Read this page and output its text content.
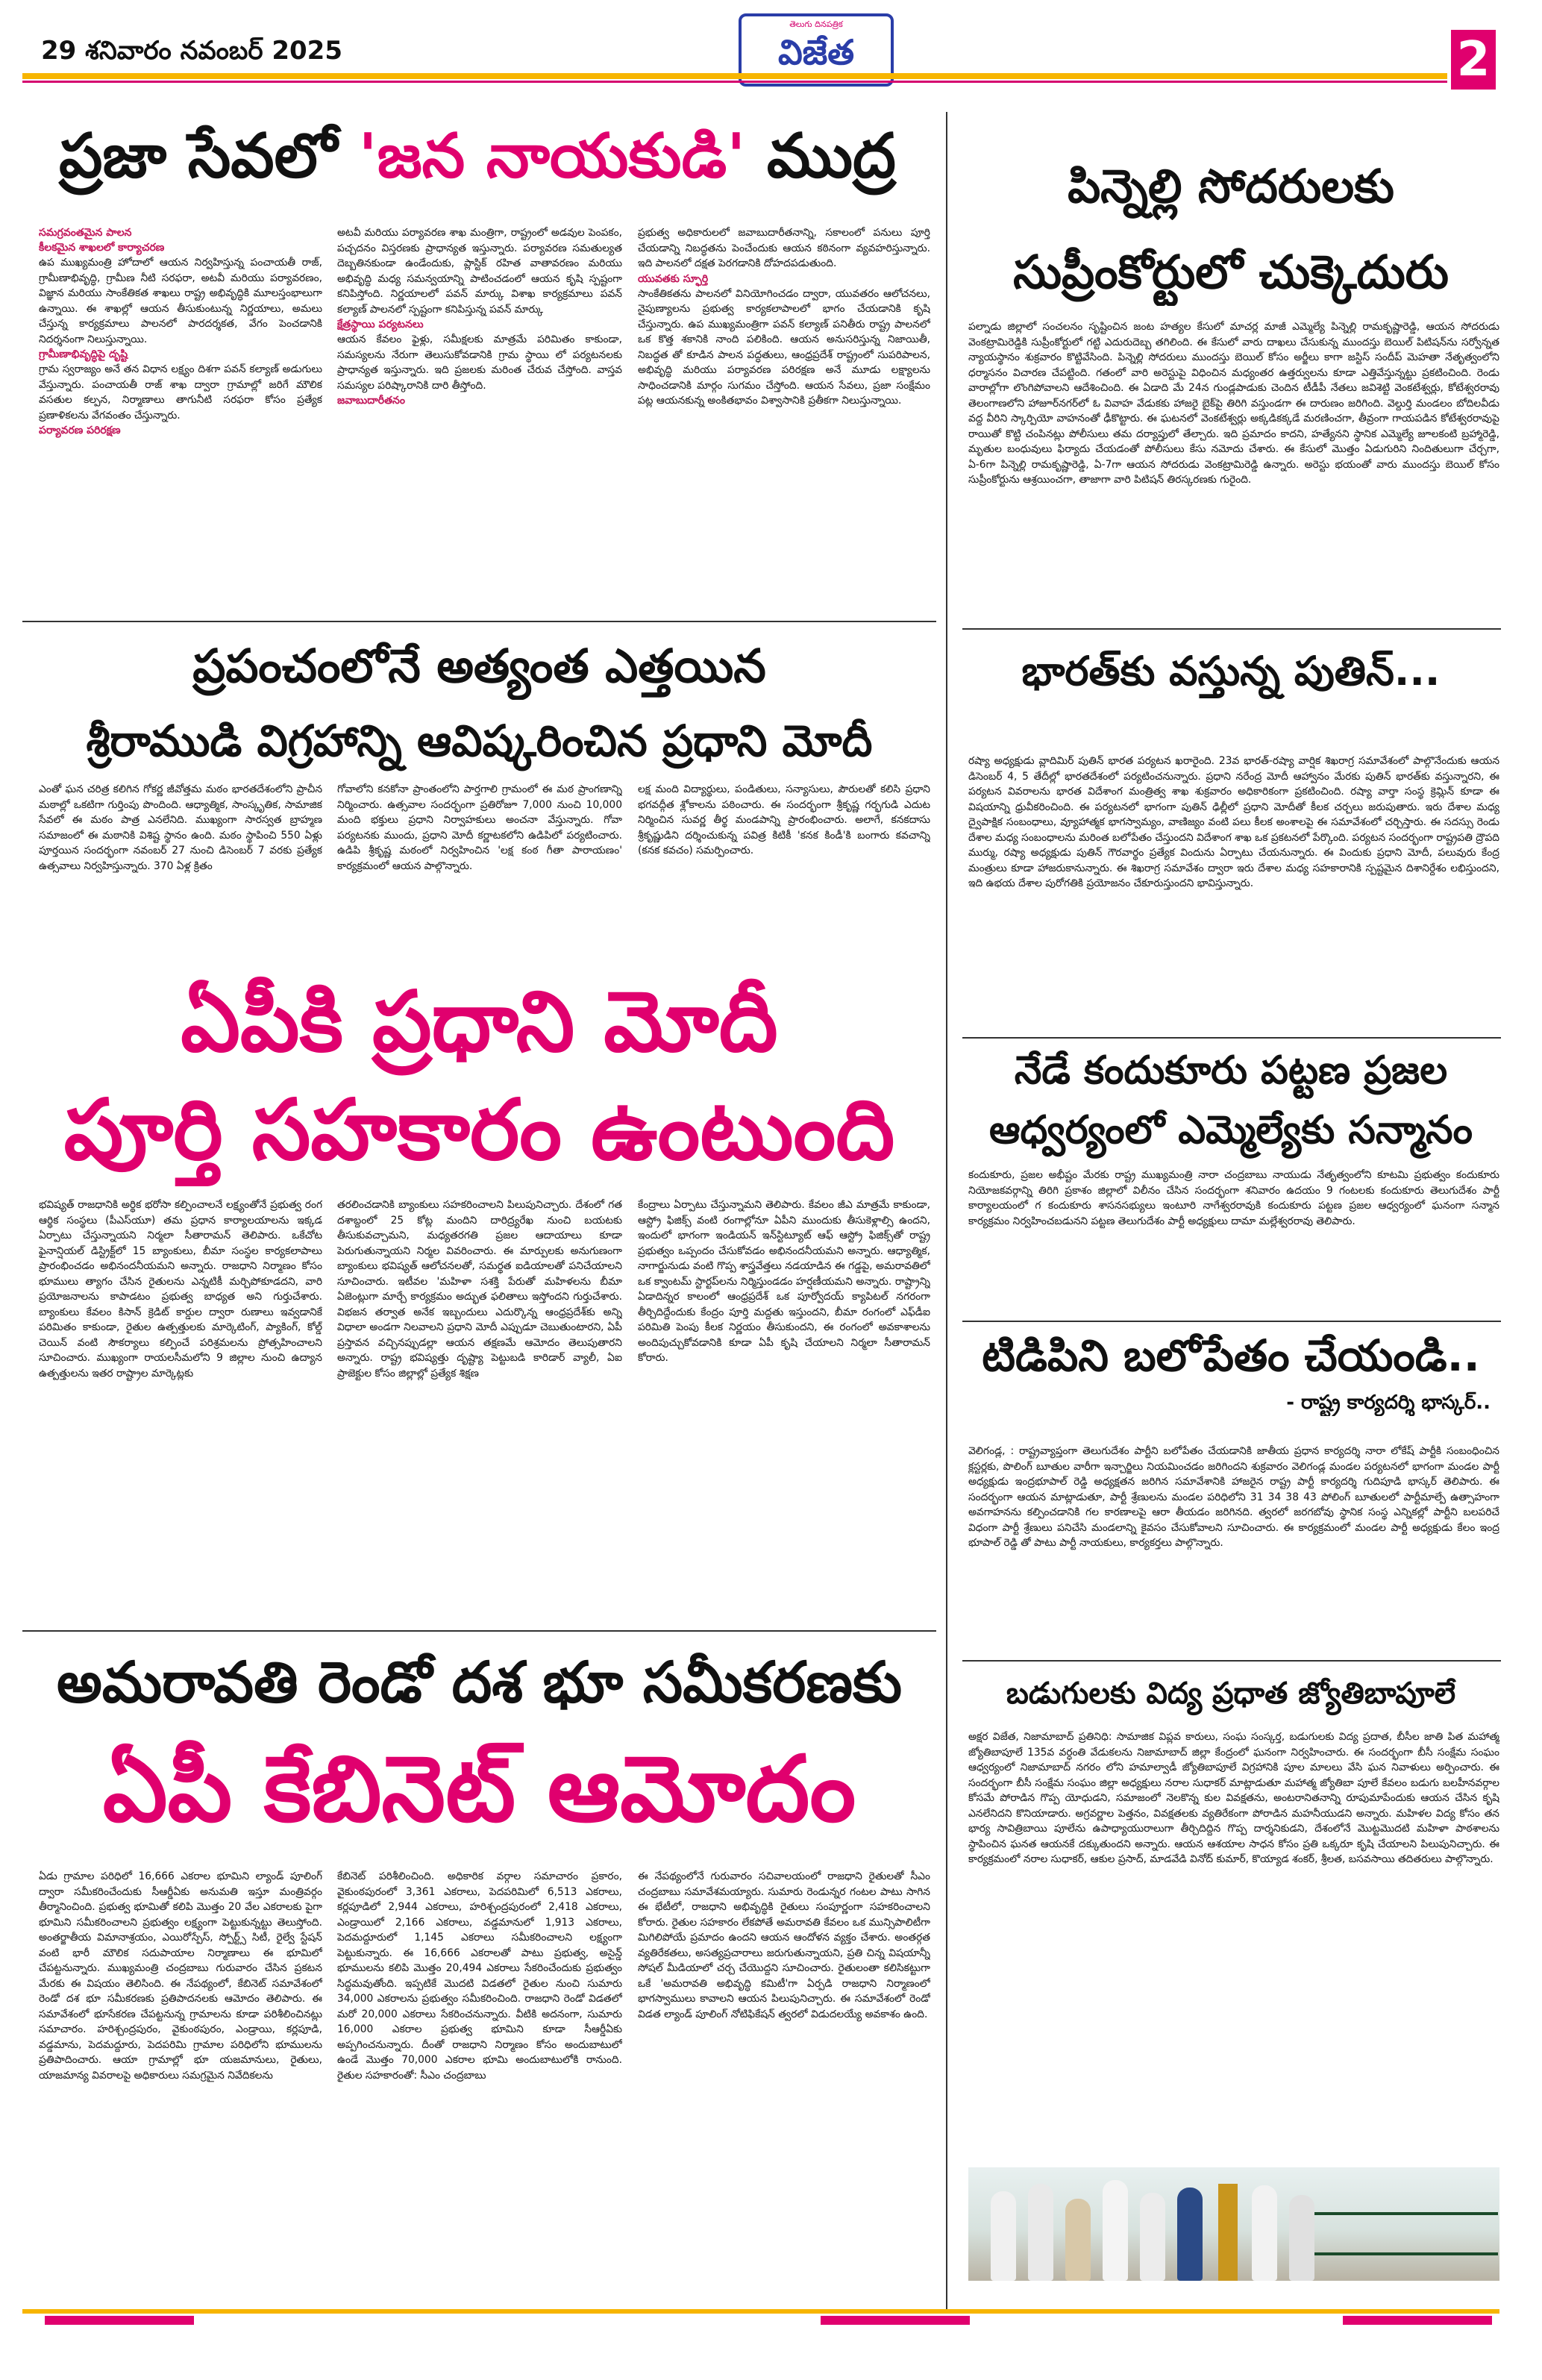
29 శనివారం నవంబర్ 2025
తెలుగు దినపత్రిక
విజేత	2
ప్రజా సేవలో 'జన నాయకుడి' ముద్ర
సమగ్రవంతమైన పాలన
కీలకమైన శాఖలలో కార్యాచరణ
ఉప ముఖ్యమంత్రి హోదాలో ఆయన నిర్వహిస్తున్న పంచాయతీ రాజ్, గ్రామీణాభివృద్ధి, గ్రామీణ నీటి సరఫరా, అటవీ మరియు పర్యావరణం, విజ్ఞాన మరియు సాంకేతికత శాఖలు రాష్ట్ర అభివృద్ధికి మూలస్తంభాలుగా ఉన్నాయి. ఈ శాఖల్లో ఆయన తీసుకుంటున్న నిర్ణయాలు, అమలు చేస్తున్న కార్యక్రమాలు పాలనలో పారదర్శకత, వేగం పెంచడానికి నిదర్శనంగా నిలుస్తున్నాయి.
గ్రామీణాభివృద్ధిపై దృష్టి
గ్రామ స్వరాజ్యం అనే తన విధాన లక్ష్యం దిశగా పవన్ కల్యాణ్ అడుగులు వేస్తున్నారు. పంచాయతీ రాజ్ శాఖ ద్వారా గ్రామాల్లో జరిగే మౌలిక వసతుల కల్పన, నిర్మాణాలు తాగునీటి సరఫరా కోసం ప్రత్యేక ప్రణాళికలను వేగవంతం చేస్తున్నారు.
పర్యావరణ పరిరక్షణ
అటవీ మరియు పర్యావరణ శాఖ మంత్రిగా, రాష్ట్రంలో అడవుల పెంపకం, పచ్చదనం విస్తరణకు ప్రాధాన్యత ఇస్తున్నారు. పర్యావరణ సమతుల్యత దెబ్బతినకుండా ఉండేందుకు, ప్లాస్టిక్ రహిత వాతావరణం మరియు అభివృద్ధి మధ్య సమన్వయాన్ని పాటించడంలో ఆయన కృషి స్పష్టంగా కనిపిస్తోంది. నిర్ణయాలలో పవన్ మార్కు విశాఖ కార్యక్రమాలు పవన్ కల్యాణ్ పాలనలో స్పష్టంగా కనిపిస్తున్న పవన్ మార్కు
క్షేత్రస్థాయి పర్యటనలు
ఆయన కేవలం ఫైళ్లు, సమీక్షలకు మాత్రమే పరిమితం కాకుండా, సమస్యలను నేరుగా తెలుసుకోవడానికి గ్రామ స్థాయి లో పర్యటనలకు ప్రాధాన్యత ఇస్తున్నారు. ఇది ప్రజలకు మరింత చేరువ చేస్తోంది. వాస్తవ సమస్యల పరిష్కారానికి దారి తీస్తోంది.
జవాబుదారీతనం
ప్రభుత్వ అధికారులలో జవాబుదారీతనాన్ని, సకాలంలో పనులు పూర్తి చేయడాన్ని నిబద్ధతను పెంచేందుకు ఆయన కఠినంగా వ్యవహరిస్తున్నారు. ఇది పాలనలో దక్షత పెరగడానికి దోహదపడుతుంది.
యువతకు స్ఫూర్తి
సాంకేతికతను పాలనలో వినియోగించడం ద్వారా, యువతరం ఆలోచనలు, నైపుణ్యాలను ప్రభుత్వ కార్యకలాపాలలో భాగం చేయడానికి కృషి చేస్తున్నారు. ఉప ముఖ్యమంత్రిగా పవన్ కల్యాణ్ పనితీరు రాష్ట్ర పాలనలో ఒక కొత్త శకానికి నాంది పలికింది. ఆయన అనుసరిస్తున్న నిజాయితీ, నిబద్ధత తో కూడిన పాలన పద్ధతులు, ఆంధ్రప్రదేశ్ రాష్ట్రంలో సుపరిపాలన, అభివృద్ధి మరియు పర్యావరణ పరిరక్షణ అనే మూడు లక్ష్యాలను సాధించడానికి మార్గం సుగమం చేస్తోంది. ఆయన సేవలు, ప్రజా సంక్షేమం పట్ల ఆయనకున్న అంకితభావం విశ్వాసానికి ప్రతీకగా నిలుస్తున్నాయి.
పిన్నెల్లి సోదరులకు
సుప్రీంకోర్టులో చుక్కెదురు
పల్నాడు జిల్లాలో సంచలనం సృష్టించిన జంట హత్యల కేసులో మాచర్ల మాజీ ఎమ్మెల్యే పిన్నెల్లి రామకృష్ణారెడ్డి, ఆయన సోదరుడు వెంకట్రామిరెడ్డికి సుప్రీంకోర్టులో గట్టి ఎదురుదెబ్బ తగిలింది. ఈ కేసులో వారు దాఖలు చేసుకున్న ముందస్తు బెయిల్ పిటిషన్‌ను సర్వోన్నత న్యాయస్థానం శుక్రవారం కొట్టివేసింది. పిన్నెల్లి సోదరులు ముందస్తు బెయిల్ కోసం అర్జీలు కాగా జస్టిస్ సందీప్ మెహతా నేతృత్వంలోని ధర్మాసనం విచారణ చేపట్టింది. గతంలో వారి అరెస్టుపై విధించిన మధ్యంతర ఉత్తర్వులను కూడా ఎత్తివేస్తున్నట్టు ప్రకటించింది. రెండు వారాల్లోగా లొంగిపోవాలని ఆదేశించింది. ఈ ఏడాది మే 24న గుండ్లపాడుకు చెందిన టీడీపీ నేతలు జవిశెట్టి వెంకటేశ్వర్లు, కోటేశ్వరరావు తెలంగాణలోని హాజూర్‌నగర్‌లో ఓ వివాహ వేడుకకు హాజరై బైక్‌పై తిరిగి వస్తుండగా ఈ దారుణం జరిగింది. వెల్దుర్తి మండలం బోదిలవీడు వద్ద వీరిని స్కార్పియో వాహనంతో ఢీకొట్టారు. ఈ ఘటనలో వెంకటేశ్వర్లు అక్కడికక్కడే మరణించగా, తీవ్రంగా గాయపడిన కోటేశ్వరరావుపై రాయితో కొట్టి చంపినట్లు పోలీసులు తమ దర్యాప్తులో తేల్చారు. ఇది ప్రమాదం కాదని, హత్యేనని స్థానిక ఎమ్మెల్యే జూలకంటి బ్రహ్మారెడ్డి, మృతుల బంధువులు ఫిర్యాదు చేయడంతో పోలీసులు కేసు నమోదు చేశారు. ఈ కేసులో మొత్తం ఏడుగురిని నిందితులుగా చేర్చగా, ఏ-6గా పిన్నెల్లి రామకృష్ణారెడ్డి, ఏ-7గా ఆయన సోదరుడు వెంకట్రామిరెడ్డి ఉన్నారు. అరెస్టు భయంతో వారు ముందస్తు బెయిల్ కోసం సుప్రీంకోర్టును ఆశ్రయించగా, తాజాగా వారి పిటిషన్ తిరస్కరణకు గురైంది.
ప్రపంచంలోనే అత్యంత ఎత్తయిన
శ్రీరాముడి విగ్రహాన్ని ఆవిష్కరించిన ప్రధాని మోదీ
ఎంతో ఘన చరిత్ర కలిగిన గోకర్ణ జీవోత్తమ మఠం భారతదేశంలోని ప్రాచీన మఠాల్లో ఒకటిగా గుర్తింపు పొందింది. ఆధ్యాత్మిక, సాంస్కృతిక, సామాజిక సేవలో ఈ మఠం పాత్ర ఎనలేనిది. ముఖ్యంగా సారస్వత బ్రాహ్మణ సమాజంలో ఈ మఠానికి విశిష్ట స్థానం ఉంది. మఠం స్థాపించి 550 ఏళ్లు పూర్తయిన సందర్భంగా నవంబర్ 27 నుంచి డిసెంబర్ 7 వరకు ప్రత్యేక ఉత్సవాలు నిర్వహిస్తున్నారు. 370 ఏళ్ల క్రితం
గోవాలోని కనకోనా ప్రాంతంలోని పార్తగాలి గ్రామంలో ఈ మఠ ప్రాంగణాన్ని నిర్మించారు. ఉత్సవాల సందర్భంగా ప్రతిరోజూ 7,000 నుంచి 10,000 మంది భక్తులు ప్రధాని నిర్వాహకులు అంచనా వేస్తున్నారు. గోవా పర్యటనకు ముందు, ప్రధాని మోదీ కర్ణాటకలోని ఉడిపిలో పర్యటించారు. ఉడిపి శ్రీకృష్ణ మఠంలో నిర్వహించిన 'లక్ష కంఠ గీతా పారాయణం' కార్యక్రమంలో ఆయన పాల్గొన్నారు.
లక్ష మంది విద్యార్థులు, పండితులు, సన్యాసులు, పౌరులతో కలిసి ప్రధాని భగవద్గీత శ్లోకాలను పఠించారు. ఈ సందర్భంగా శ్రీకృష్ణ గర్భగుడి ఎదుట నిర్మించిన సువర్ణ తీర్థ మండపాన్ని ప్రారంభించారు. అలాగే, కనకదాసు శ్రీకృష్ణుడిని దర్శించుకున్న పవిత్ర కిటికీ 'కనక కిండీ'కి బంగారు కవచాన్ని (కనక కవచం) సమర్పించారు.
ఏపీకి ప్రధాని మోదీ
పూర్తి సహకారం ఉంటుంది
భవిష్యత్ రాజధానికి అర్థిక భరోసా కల్పించాలనే లక్ష్యంతోనే ప్రభుత్వ రంగ ఆర్థిక సంస్థలు (పీఎస్‌యూ) తమ ప్రధాన కార్యాలయాలను ఇక్కడ ఏర్పాటు చేస్తున్నాయని నిర్మలా సీతారామన్ తెలిపారు. ఒకేచోట ఫైనాన్షియల్ డిస్ట్రిక్ట్‌లో 15 బ్యాంకులు, బీమా సంస్థల కార్యకలాపాలు ప్రారంభించడం అభినందనీయమని అన్నారు. రాజధాని నిర్మాణం కోసం భూములు త్యాగం చేసిన రైతులను ఎన్నటికీ మర్చిపోకూడదని, వారి ప్రయోజనాలను కాపాడటం ప్రభుత్వ బాధ్యత అని గుర్తుచేశారు. బ్యాంకులు కేవలం కిసాన్ క్రెడిట్ కార్డుల ద్వారా రుణాలు ఇవ్వడానికే పరిమితం కాకుండా, రైతుల ఉత్పత్తులకు మార్కెటింగ్, ప్యాకింగ్, కోల్డ్ చెయిన్ వంటి సౌకర్యాలు కల్పించే పరిశ్రమలను ప్రోత్సహించాలని సూచించారు. ముఖ్యంగా రాయలసీమలోని 9 జిల్లాల నుంచి ఉద్యాన ఉత్పత్తులను ఇతర రాష్ట్రాల మార్కెట్లకు
తరలించడానికి బ్యాంకులు సహకరించాలని పిలుపునిచ్చారు. దేశంలో గత దశాబ్దంలో 25 కోట్ల మందిని దారిద్ర్యరేఖ నుంచి బయటకు తీసుకువచ్చామని, మధ్యతరగతి ప్రజల ఆదాయాలు కూడా పెరుగుతున్నాయని నిర్మల వివరించారు. ఈ మార్పులకు అనుగుణంగా బ్యాంకులు భవిష్యత్ ఆలోచనలతో, సమర్థత ఐడియాలతో పనిచేయాలని సూచించారు. ఇటీవల 'మహిళా సశక్తి పేరుతో మహిళలను బీమా ఏజెంట్లుగా మార్చే కార్యక్రమం అద్భుత ఫలితాలు ఇస్తోందని గుర్తుచేశారు. విభజన తర్వాత అనేక ఇబ్బందులు ఎదుర్కొన్న ఆంధ్రప్రదేశ్‌కు అన్ని విధాలా అండగా నిలవాలని ప్రధాని మోదీ ఎప్పుడూ చెబుతుంటారని, ఏపీ ప్రస్తావన వచ్చినప్పుడల్లా ఆయన తక్షణమే ఆమోదం తెలుపుతారని అన్నారు. రాష్ట్ర భవిష్యత్తు దృష్ట్యా పెట్టుబడి కారిడార్ వ్యాలీ, ఏఐ ప్రాజెక్టుల కోసం జిల్లాల్లో ప్రత్యేక శిక్షణ
కేంద్రాలు ఏర్పాటు చేస్తున్నామని తెలిపారు. కేవలం జీఎ మాత్రమే కాకుండా, ఆస్ట్రో ఫిజిక్స్ వంటి రంగాల్లోనూ ఏపీని ముందుకు తీసుకెళ్లాల్సి ఉందని, ఇందులో భాగంగా ఇండియన్ ఇన్‌స్టిట్యూట్ ఆఫ్ ఆస్ట్రో ఫిజిక్స్‌తో రాష్ట్ర ప్రభుత్వం ఒప్పందం చేసుకోవడం అభినందనీయమని అన్నారు. ఆధ్యాత్మిక, నాగార్జునుడు వంటి గొప్ప శాస్త్రవేత్తలు నడయాడిన ఈ గడ్డపై, అమరావతిలో ఒక క్వాంటమ్ స్టార్టప్‌లను నిర్మిస్తుండడం హర్షణీయమని అన్నారు. రాష్ట్రాన్ని ఏడాదిన్నర కాలంలో ఆంధ్రప్రదేశ్ ఒక పూర్వోదయ్ క్యాపిటల్ నగరంగా తీర్చిదిద్దేందుకు కేంద్రం పూర్తి మద్దతు ఇస్తుందని, బీమా రంగంలో ఎఫ్‌డీఐ పరిమితి పెంపు కీలక నిర్ణయం తీసుకుందని, ఈ రంగంలో అవకాశాలను అందిపుచ్చుకోవడానికి కూడా ఏపీ కృషి చేయాలని నిర్మలా సీతారామన్ కోరారు.
అమరావతి రెండో దశ భూ సమీకరణకు
ఏపీ కేబినెట్ ఆమోదం
ఏడు గ్రామాల పరిధిలో 16,666 ఎకరాల భూమిని ల్యాండ్ పూలింగ్ ద్వారా సమీకరించేందుకు సీఆర్డీఏకు అనుమతి ఇస్తూ మంత్రివర్గం తీర్మానించింది. ప్రభుత్వ భూమితో కలిపి మొత్తం 20 వేల ఎకరాలకు పైగా భూమిని సమీకరించాలని ప్రభుత్వం లక్ష్యంగా పెట్టుకున్నట్టు తెలుస్తోంది. అంతర్జాతీయ విమానాశ్రయం, ఎయిరోస్పేస్, స్పోర్ట్స్ సిటీ, రైల్వే స్టేషన్ వంటి భారీ మౌలిక సదుపాయాల నిర్మాణాలు ఈ భూమిలో చేపట్టనున్నారు. ముఖ్యమంత్రి చంద్రబాబు గురువారం చేసిన ప్రకటన మేరకు ఈ విషయం తెలిసింది. ఈ నేపథ్యంలో, కేబినెట్ సమావేశంలో రెండో దశ భూ సమీకరణకు ప్రతిపాదనలకు ఆమోదం తెలిపారు. ఈ సమావేశంలో భూసేకరణ చేపట్టనున్న గ్రామాలను కూడా పరిశీలించినట్లు సమాచారం. హరిశ్చంద్రపురం, వైకుంఠపురం, ఎండ్రాయి, కర్లపూడి, వడ్డమాను, పెదమద్దూరు, పెదపరిమి గ్రామాల పరిధిలోని భూములను ప్రతిపాదించారు. ఆయా గ్రామాల్లో భూ యజమానులు, రైతులు, యాజమాన్య వివరాలపై అధికారులు సమగ్రమైన నివేదికలను
కేబినెట్ పరిశీలించింది. అధికారిక వర్గాల సమాచారం ప్రకారం, వైకుంఠపురంలో 3,361 ఎకరాలు, పెదపరిమిలో 6,513 ఎకరాలు, కర్లపూడిలో 2,944 ఎకరాలు, హరిశ్చంద్రపురంలో 2,418 ఎకరాలు, ఎండ్రాయిలో 2,166 ఎకరాలు, వడ్డమానులో 1,913 ఎకరాలు, పెదమద్దూరులో 1,145 ఎకరాలు సమీకరించాలని లక్ష్యంగా పెట్టుకున్నారు. ఈ 16,666 ఎకరాలతో పాటు ప్రభుత్వ, అసైన్డ్ భూములను కలిపి మొత్తం 20,494 ఎకరాలు సేకరించేందుకు ప్రభుత్వం సిద్ధమవుతోంది. ఇప్పటికే మొదటి విడతలో రైతుల నుంచి సుమారు 34,000 ఎకరాలను ప్రభుత్వం సమీకరించింది. రాజధాని రెండో విడతలో మరో 20,000 ఎకరాలు సేకరించనున్నారు. వీటికి అదనంగా, సుమారు 16,000 ఎకరాల ప్రభుత్వ భూమిని కూడా సీఆర్డీఏకు అప్పగించనున్నారు. దీంతో రాజధాని నిర్మాణం కోసం అందుబాటులో ఉండే మొత్తం 70,000 ఎకరాల భూమి అందుబాటులోకి రానుంది. రైతుల సహకారంతో: సీఎం చంద్రబాబు
ఈ నేపథ్యంలోనే గురువారం సచివాలయంలో రాజధాని రైతులతో సీఎం చంద్రబాబు సమావేశమయ్యారు. సుమారు రెండున్నర గంటల పాటు సాగిన ఈ భేటీలో, రాజధాని అభివృద్ధికి రైతులు సంపూర్ణంగా సహకరించాలని కోరారు. రైతుల సహకారం లేకపోతే అమరావతి కేవలం ఒక మున్సిపాలిటీగా మిగిలిపోయే ప్రమాదం ఉందని ఆయన ఆందోళన వ్యక్తం చేశారు. అంతర్గత వ్యతిరేకతలు, అసత్యప్రచారాలు జరుగుతున్నాయని, ప్రతి చిన్న విషయాన్నీ సోషల్ మీడియాలో చర్చ చేయొద్దని సూచించారు. రైతులంతా కలిసికట్టుగా ఒకే 'అమరావతి అభివృద్ధి కమిటీ'గా ఏర్పడి రాజధాని నిర్మాణంలో భాగస్వాములు కావాలని ఆయన పిలుపునిచ్చారు. ఈ సమావేశంలో రెండో విడత ల్యాండ్ పూలింగ్ నోటిఫికేషన్ త్వరలో విడుదలయ్యే అవకాశం ఉంది.
భారత్‌కు వస్తున్న పుతిన్...
రష్యా అధ్యక్షుడు వ్లాదిమిర్ పుతిన్ భారత పర్యటన ఖరారైంది. 23వ భారత్-రష్యా వార్షిక శిఖరాగ్ర సమావేశంలో పాల్గొనేందుకు ఆయన డిసెంబర్ 4, 5 తేదీల్లో భారతదేశంలో పర్యటించనున్నారు. ప్రధాని నరేంద్ర మోదీ ఆహ్వానం మేరకు పుతిన్ భారత్‌కు వస్తున్నారని, ఈ పర్యటన వివరాలను భారత విదేశాంగ మంత్రిత్వ శాఖ శుక్రవారం అధికారికంగా ప్రకటించింది. రష్యా వార్తా సంస్థ క్రెమ్లిన్ కూడా ఈ విషయాన్ని ధ్రువీకరించింది. ఈ పర్యటనలో భాగంగా పుతిన్ ఢిల్లీలో ప్రధాని మోదీతో కీలక చర్చలు జరుపుతారు. ఇరు దేశాల మధ్య ద్వైపాక్షిక సంబంధాలు, వ్యూహాత్మక భాగస్వామ్యం, వాణిజ్యం వంటి పలు కీలక అంశాలపై ఈ సమావేశంలో చర్చిస్తారు. ఈ సదస్సు రెండు దేశాల మధ్య సంబంధాలను మరింత బలోపేతం చేస్తుందని విదేశాంగ శాఖ ఒక ప్రకటనలో పేర్కొంది. పర్యటన సందర్భంగా రాష్ట్రపతి ద్రౌపది ముర్ము, రష్యా అధ్యక్షుడు పుతిన్ గౌరవార్థం ప్రత్యేక విందును ఏర్పాటు చేయనున్నారు. ఈ విందుకు ప్రధాని మోదీ, పలువురు కేంద్ర మంత్రులు కూడా హాజరుకానున్నారు. ఈ శిఖరాగ్ర సమావేశం ద్వారా ఇరు దేశాల మధ్య సహకారానికి స్పష్టమైన దిశానిర్దేశం లభిస్తుందని, ఇది ఉభయ దేశాల పురోగతికి ప్రయోజనం చేకూరుస్తుందని భావిస్తున్నారు.
నేడే కందుకూరు పట్టణ ప్రజల
ఆధ్వర్యంలో ఎమ్మెల్యేకు సన్మానం
కందుకూరు, ప్రజల అభీష్టం మేరకు రాష్ట్ర ముఖ్యమంత్రి నారా చంద్రబాబు నాయుడు నేతృత్వంలోని కూటమి ప్రభుత్వం కందుకూరు నియోజకవర్గాన్ని తిరిగి ప్రకాశం జిల్లాలో విలీనం చేసిన సందర్భంగా శనివారం ఉదయం 9 గంటలకు కందుకూరు తెలుగుదేశం పార్టీ కార్యాలయంలో గ కందుకూరు శాసనసభ్యులు ఇంటూరి నాగేశ్వరరావుకి కందుకూరు పట్టణ ప్రజల ఆధ్వర్యంలో ఘనంగా సన్మాన కార్యక్రమం నిర్వహించబడునని పట్టణ తెలుగుదేశం పార్టీ అధ్యక్షులు దామా మల్లేశ్వరరావు తెలిపారు.
టిడిపిని బలోపేతం చేయండి..
- రాష్ట్ర కార్యదర్శి భాస్కర్..
వెలిగండ్ల, : రాష్ట్రవ్యాప్తంగా తెలుగుదేశం పార్టీని బలోపేతం చేయడానికి జాతీయ ప్రధాన కార్యదర్శి నారా లోకేష్ పార్టీకి సంబంధించిన క్లస్టర్లకు, పొలింగ్ బూతుల వారీగా ఇన్చార్జిలు నియమించడం జరిగిందని శుక్రవారం వెలిగండ్ల మండల పర్యటనలో భాగంగా మండల పార్టీ అధ్యక్షుడు ఇంద్రభూపాల్ రెడ్డి అధ్యక్షతన జరిగిన సమావేశానికి హాజరైన రాష్ట్ర పార్టీ కార్యదర్శి గుదిపూడి భాస్కర్ తెలిపారు. ఈ సందర్భంగా ఆయన మాట్లాడుతూ, పార్టీ శ్రేణులను మండల పరిధిలోని 31 34 38 43 పోలింగ్ బూతులలో పార్టీమాల్పే ఉత్సాహంగా అవగాహనను కల్పించడానికి గల కారణాలపై ఆరా తీయడం జరిగినది. త్వరలో జరగబోవు స్థానిక సంస్థ ఎన్నికల్లో పార్టీని బలపరిచే విధంగా పార్టీ శ్రేణులు పనిచేసి మండలాన్ని కైవసం చేసుకోవాలని సూచించారు. ఈ కార్యక్రమంలో మండల పార్టీ అధ్యక్షుడు కేలం ఇంద్ర భూపాల్ రెడ్డి తో పాటు పార్టీ నాయకులు, కార్యకర్తలు పాల్గొన్నారు.
బడుగులకు విద్య ప్రధాత జ్యోతిబాపూలే
అక్షర విజేత, నిజామాబాద్ ప్రతినిధి: సామాజిక విప్లవ కారులు, సంఘ సంస్కర్త, బడుగులకు విద్య ప్రదాత, బీసీల జాతి పిత మహాత్మ జ్యోతిబాపూలే 135వ వర్ధంతి వేడుకలను నిజామాబాద్ జిల్లా కేంద్రంలో ఘనంగా నిర్వహించారు. ఈ సందర్భంగా బీసీ సంక్షేమ సంఘం ఆధ్వర్యంలో నిజామాబాద్ నగరం లోని హమాల్వాడీ జ్యోతిబాపూలే విగ్రహానికి పూల మాలలు వేసి ఘన నివాళులు అర్పించారు. ఈ సందర్భంగా బీసీ సంక్షేమ సంఘం జిల్లా అధ్యక్షులు నరాల సుధాకర్ మాట్లాడుతూ మహాత్మ జ్యోతిబా పూలే కేవలం బడుగు బలహీనవర్గాల కోసమే పోరాడిన గొప్ప యోధుడని, సమాజంలో నెలకొన్న కుల వివక్షతను, అంటరానితనాన్ని రూపుమాపేందుకు ఆయన చేసిన కృషి ఎనలేనిదని కొనియాడారు. అగ్రవర్ణాల పెత్తనం, వివక్షతలకు వ్యతిరేకంగా పోరాడిన మహనీయుడని అన్నారు. మహిళల విద్య కోసం తన భార్య సావిత్రిబాయి పూలేను ఉపాధ్యాయురాలుగా తీర్చిదిద్దిన గొప్ప దార్శనికుడని, దేశంలోనే మొట్టమొదటి మహిళా పాఠశాలను స్థాపించిన ఘనత ఆయనకే దక్కుతుందని అన్నారు. ఆయన ఆశయాల సాధన కోసం ప్రతి ఒక్కరూ కృషి చేయాలని పిలుపునిచ్చారు. ఈ కార్యక్రమంలో నరాల సుధాకర్, ఆకుల ప్రసాద్, మాడవేడి వినోద్ కుమార్, కొయ్యాడ శంకర్, శ్రీలత, బసవసాయి తదితరులు పాల్గొన్నారు.
